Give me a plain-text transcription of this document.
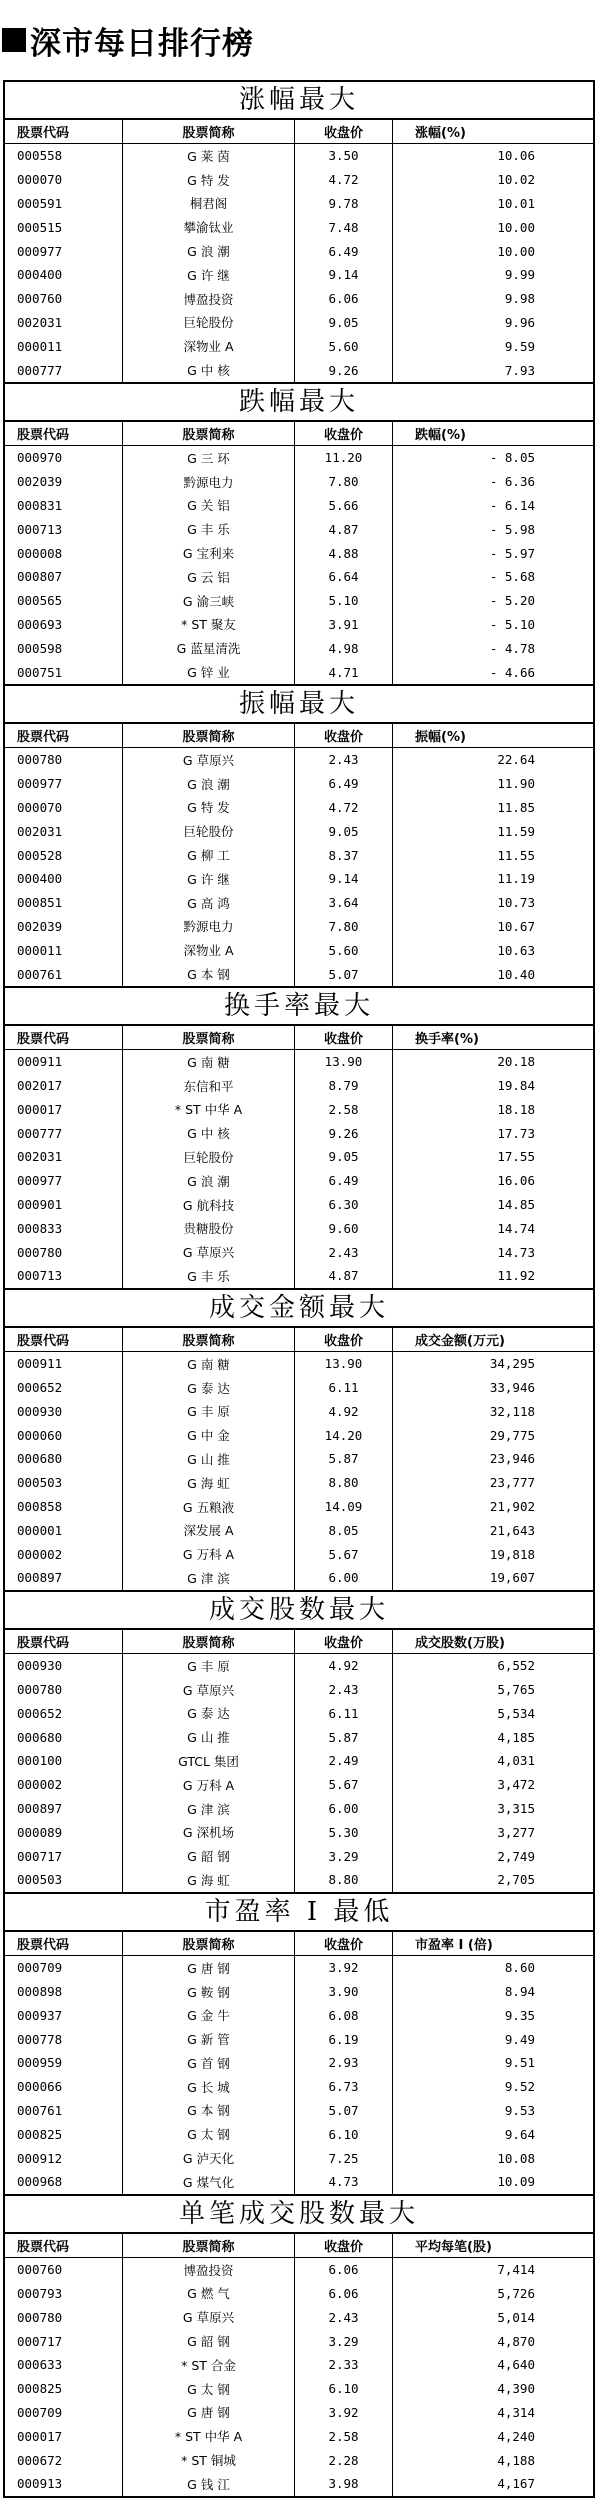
深市每日排行榜
涨幅最大
股票代码	股票简称	收盘价	涨幅(%)
000558	G 莱 茵	3.50	10.06
000070	G 特 发	4.72	10.02
000591	桐君阁	9.78	10.01
000515	攀渝钛业	7.48	10.00
000977	G 浪 潮	6.49	10.00
000400	G 许 继	9.14	9.99
000760	博盈投资	6.06	9.98
002031	巨轮股份	9.05	9.96
000011	深物业 A	5.60	9.59
000777	G 中 核	9.26	7.93
跌幅最大
股票代码	股票简称	收盘价	跌幅(%)
000970	G 三 环	11.20	- 8.05
002039	黔源电力	7.80	- 6.36
000831	G 关 铝	5.66	- 6.14
000713	G 丰 乐	4.87	- 5.98
000008	G 宝利来	4.88	- 5.97
000807	G 云 铝	6.64	- 5.68
000565	G 渝三峡	5.10	- 5.20
000693	* ST 聚友	3.91	- 5.10
000598	G 蓝星清洗	4.98	- 4.78
000751	G 锌 业	4.71	- 4.66
振幅最大
股票代码	股票简称	收盘价	振幅(%)
000780	G 草原兴	2.43	22.64
000977	G 浪 潮	6.49	11.90
000070	G 特 发	4.72	11.85
002031	巨轮股份	9.05	11.59
000528	G 柳 工	8.37	11.55
000400	G 许 继	9.14	11.19
000851	G 高 鸿	3.64	10.73
002039	黔源电力	7.80	10.67
000011	深物业 A	5.60	10.63
000761	G 本 钢	5.07	10.40
换手率最大
股票代码	股票简称	收盘价	换手率(%)
000911	G 南 糖	13.90	20.18
002017	东信和平	8.79	19.84
000017	* ST 中华 A	2.58	18.18
000777	G 中 核	9.26	17.73
002031	巨轮股份	9.05	17.55
000977	G 浪 潮	6.49	16.06
000901	G 航科技	6.30	14.85
000833	贵糖股份	9.60	14.74
000780	G 草原兴	2.43	14.73
000713	G 丰 乐	4.87	11.92
成交金额最大
股票代码	股票简称	收盘价	成交金额(万元)
000911	G 南 糖	13.90	34,295
000652	G 泰 达	6.11	33,946
000930	G 丰 原	4.92	32,118
000060	G 中 金	14.20	29,775
000680	G 山 推	5.87	23,946
000503	G 海 虹	8.80	23,777
000858	G 五粮液	14.09	21,902
000001	深发展 A	8.05	21,643
000002	G 万科 A	5.67	19,818
000897	G 津 滨	6.00	19,607
成交股数最大
股票代码	股票简称	收盘价	成交股数(万股)
000930	G 丰 原	4.92	6,552
000780	G 草原兴	2.43	5,765
000652	G 泰 达	6.11	5,534
000680	G 山 推	5.87	4,185
000100	GTCL 集团	2.49	4,031
000002	G 万科 A	5.67	3,472
000897	G 津 滨	6.00	3,315
000089	G 深机场	5.30	3,277
000717	G 韶 钢	3.29	2,749
000503	G 海 虹	8.80	2,705
市盈率 I 最低
股票代码	股票简称	收盘价	市盈率 I (倍)
000709	G 唐 钢	3.92	8.60
000898	G 鞍 钢	3.90	8.94
000937	G 金 牛	6.08	9.35
000778	G 新 管	6.19	9.49
000959	G 首 钢	2.93	9.51
000066	G 长 城	6.73	9.52
000761	G 本 钢	5.07	9.53
000825	G 太 钢	6.10	9.64
000912	G 泸天化	7.25	10.08
000968	G 煤气化	4.73	10.09
单笔成交股数最大
股票代码	股票简称	收盘价	平均每笔(股)
000760	博盈投资	6.06	7,414
000793	G 燃 气	6.06	5,726
000780	G 草原兴	2.43	5,014
000717	G 韶 钢	3.29	4,870
000633	* ST 合金	2.33	4,640
000825	G 太 钢	6.10	4,390
000709	G 唐 钢	3.92	4,314
000017	* ST 中华 A	2.58	4,240
000672	* ST 铜城	2.28	4,188
000913	G 钱 江	3.98	4,167
